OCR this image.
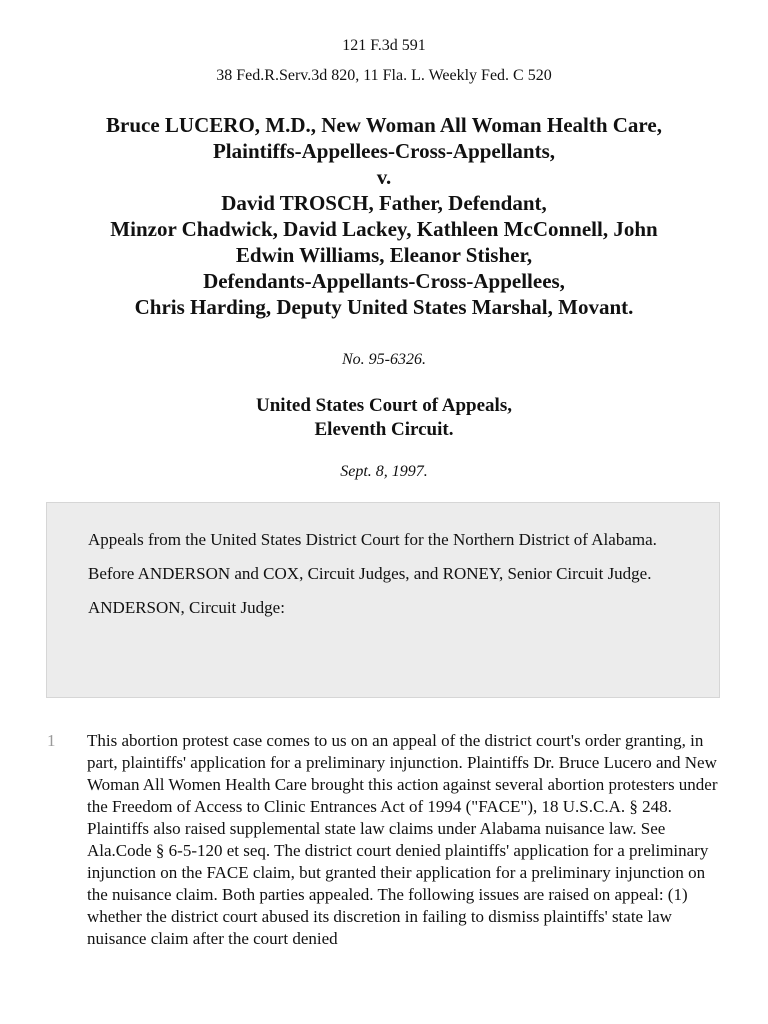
121 F.3d 591
38 Fed.R.Serv.3d 820, 11 Fla. L. Weekly Fed. C 520
Bruce LUCERO, M.D., New Woman All Woman Health Care,
Plaintiffs-Appellees-Cross-Appellants,
v.
David TROSCH, Father, Defendant,
Minzor Chadwick, David Lackey, Kathleen McConnell, John
Edwin Williams, Eleanor Stisher,
Defendants-Appellants-Cross-Appellees,
Chris Harding, Deputy United States Marshal, Movant.
No. 95-6326.
United States Court of Appeals,
Eleventh Circuit.
Sept. 8, 1997.

Appeals from the United States District Court for the Northern District of Alabama.

Before ANDERSON and COX, Circuit Judges, and RONEY, Senior Circuit Judge.

ANDERSON, Circuit Judge:

1 This abortion protest case comes to us on an appeal of the district court's order granting, in part, plaintiffs' application for a preliminary injunction. Plaintiffs Dr. Bruce Lucero and New Woman All Women Health Care brought this action against several abortion protesters under the Freedom of Access to Clinic Entrances Act of 1994 ("FACE"), 18 U.S.C.A. § 248. Plaintiffs also raised supplemental state law claims under Alabama nuisance law. See Ala.Code § 6-5-120 et seq. The district court denied plaintiffs' application for a preliminary injunction on the FACE claim, but granted their application for a preliminary injunction on the nuisance claim. Both parties appealed. The following issues are raised on appeal: (1) whether the district court abused its discretion in failing to dismiss plaintiffs' state law nuisance claim after the court denied
